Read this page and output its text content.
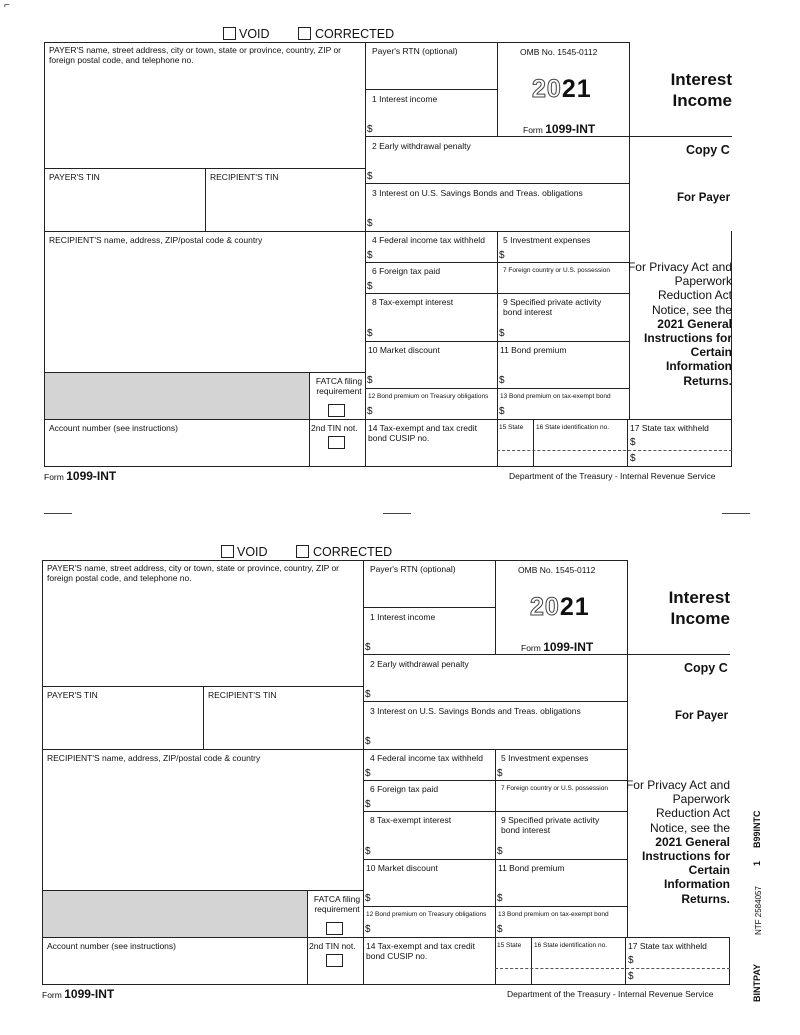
⌐
VOID	CORRECTED
PAYER'S name, street address, city or town, state or province, country, ZIP or foreign postal code, and telephone no.
PAYER'S TIN	RECIPIENT'S TIN
RECIPIENT'S name, address, ZIP/postal code & country
FATCA filing requirement
Account number (see instructions)	2nd TIN not.
Payer's RTN (optional)
1 Interest income
$
OMB No. 1545-0112
2021
Form 1099-INT
2 Early withdrawal penalty
$
3 Interest on U.S. Savings Bonds and Treas. obligations
$
4 Federal income tax withheld
$
5 Investment expenses
$
6 Foreign tax paid
$
7 Foreign country or U.S. possession
8 Tax-exempt interest
$
9 Specified private activity bond interest
$
10 Market discount
$
11 Bond premium
$
12 Bond premium on Treasury obligations
$
13 Bond premium on tax-exempt bond
$
14 Tax-exempt and tax credit bond CUSIP no.
15 State 16 State identification no. 17 State tax withheld
$
$
Interest Income
Copy C
For Payer
For Privacy Act and Paperwork Reduction Act Notice, see the 2021 General Instructions for Certain Information Returns.
Form 1099-INT	Department of the Treasury - Internal Revenue Service
VOID	CORRECTED
PAYER'S name, street address, city or town, state or province, country, ZIP or foreign postal code, and telephone no.
PAYER'S TIN	RECIPIENT'S TIN
RECIPIENT'S name, address, ZIP/postal code & country
FATCA filing requirement
Account number (see instructions)	2nd TIN not.
Payer's RTN (optional)
1 Interest income
$
OMB No. 1545-0112
2021
Form 1099-INT
2 Early withdrawal penalty
$
3 Interest on U.S. Savings Bonds and Treas. obligations
$
4 Federal income tax withheld
$
5 Investment expenses
$
6 Foreign tax paid
$
7 Foreign country or U.S. possession
8 Tax-exempt interest
$
9 Specified private activity bond interest
$
10 Market discount
$
11 Bond premium
$
12 Bond premium on Treasury obligations
$
13 Bond premium on tax-exempt bond
$
14 Tax-exempt and tax credit bond CUSIP no.
15 State 16 State identification no. 17 State tax withheld
$
$
Interest Income
Copy C
For Payer
For Privacy Act and Paperwork Reduction Act Notice, see the 2021 General Instructions for Certain Information Returns.
Form 1099-INT	Department of the Treasury - Internal Revenue Service
B99INTC
1
NTF 2584057
BINTPAY
